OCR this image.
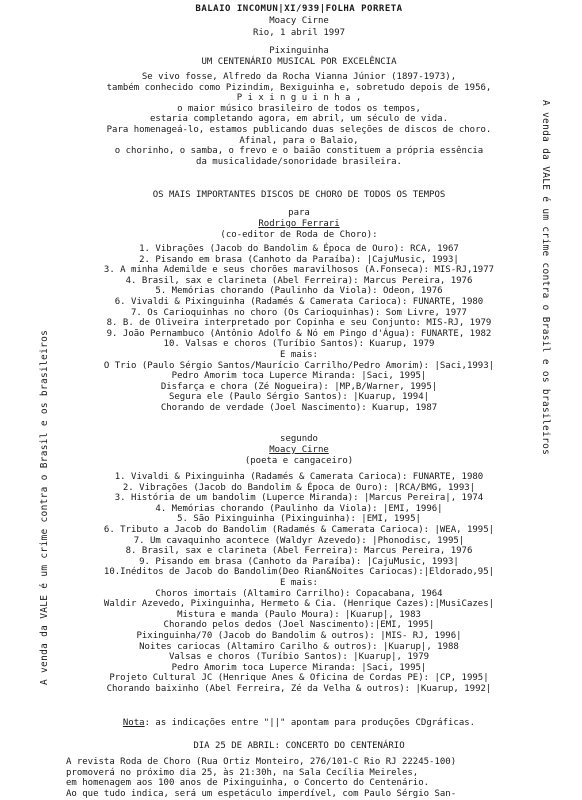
BALAIO INCOMUN|XI/939|FOLHA PORRETA
Moacy Cirne
Rio, 1 abril 1997
Pixinguinha
UM CENTENÁRIO MUSICAL POR EXCELÊNCIA
Se vivo fosse, Alfredo da Rocha Vianna Júnior (1897-1973),
também conhecido como Pizindim, Bexiguinha e, sobretudo depois de 1956,
P i x i n g u i n h a ,
o maior músico brasileiro de todos os tempos,
estaria completando agora, em abril, um século de vida.
Para homenageá-lo, estamos publicando duas seleções de discos de choro.
Afinal, para o Balaio,
o chorinho, o samba, o frevo e o baião constituem a própria essência
da musicalidade/sonoridade brasileira.
OS MAIS IMPORTANTES DISCOS DE CHORO DE TODOS OS TEMPOS
para
Rodrigo Ferrari
(co-editor de Roda de Choro):
1. Vibrações (Jacob do Bandolim & Época de Ouro): RCA, 1967
2. Pisando em brasa (Canhoto da Paraíba): |CajuMusic, 1993|
3. A minha Ademilde e seus chorões maravilhosos (A.Fonseca): MIS-RJ,1977
4. Brasil, sax e clarineta (Abel Ferreira): Marcus Pereira, 1976
5. Memórias chorando (Paulinho da Viola): Odeon, 1976
6. Vivaldi & Pixinguinha (Radamés & Camerata Carioca): FUNARTE, 1980
7. Os Carioquinhas no choro (Os Carioquinhas): Som Livre, 1977
8. B. de Oliveira interpretado por Copinha e seu Conjunto: MIS-RJ, 1979
9. João Pernambuco (Antônio Adolfo & Nó em Pingo d'Água): FUNARTE, 1982
10. Valsas e choros (Turíbio Santos): Kuarup, 1979
E mais:
O Trio (Paulo Sérgio Santos/Maurício Carrilho/Pedro Amorim): |Saci,1993|
Pedro Amorim toca Luperce Miranda: |Saci, 1995|
Disfarça e chora (Zé Nogueira): |MP,B/Warner, 1995|
Segura ele (Paulo Sérgio Santos): |Kuarup, 1994|
Chorando de verdade (Joel Nascimento): Kuarup, 1987
segundo
Moacy Cirne
(poeta e cangaceiro)
1. Vivaldi & Pixinguinha (Radamés & Camerata Carioca): FUNARTE, 1980
2. Vibrações (Jacob do Bandolim & Época de Ouro): |RCA/BMG, 1993|
3. História de um bandolim (Luperce Miranda): |Marcus Pereira|, 1974
4. Memórias chorando (Paulinho da Viola): |EMI, 1996|
5. São Pixinguinha (Pixinguinha): |EMI, 1995|
6. Tributo a Jacob do Bandolim (Radamés & Camerata Carioca): |WEA, 1995|
7. Um cavaquinho acontece (Waldyr Azevedo): |Phonodisc, 1995|
8. Brasil, sax e clarineta (Abel Ferreira): Marcus Pereira, 1976
9. Pisando em brasa (Canhoto da Paraíba): |CajuMusic, 1993|
10.Inéditos de Jacob do Bandolim(Deo Rian&Noites Cariocas):|Eldorado,95|
E mais:
Choros imortais (Altamiro Carrilho): Copacabana, 1964
Waldir Azevedo, Pixinguinha, Hermeto & Cia. (Henrique Cazes):|MusiCazes|
Mistura e manda (Paulo Moura): |Kuarup|, 1983
Chorando pelos dedos (Joel Nascimento):|EMI, 1995|
Pixinguinha/70 (Jacob do Bandolim & outros): |MIS- RJ, 1996|
Noites cariocas (Altamiro Carilho & outros): |Kuarup|, 1988
Valsas e choros (Turíbio Santos): |Kuarup|, 1979
Pedro Amorim toca Luperce Miranda: |Saci, 1995|
Projeto Cultural JC (Henrique Anes & Oficina de Cordas PE): |CP, 1995|
Chorando baixinho (Abel Ferreira, Zé da Velha & outros): |Kuarup, 1992|
Nota: as indicações entre "||" apontam para produções CDgráficas.
DIA 25 DE ABRIL: CONCERTO DO CENTENÁRIO
A revista Roda de Choro (Rua Ortiz Monteiro, 276/101-C Rio RJ 22245-100)
promoverá no próximo dia 25, às 21:30h, na Sala Cecília Meireles,
em homenagem aos 100 anos de Pixinguinha, o Concerto do Centenário.
Ao que tudo indica, será um espetáculo imperdível, com Paulo Sérgio San-
A venda da VALE é um crime contra o Brasil e os brasileiros
A venda da VALE é um crime contra o Brasil e os brasileiros
